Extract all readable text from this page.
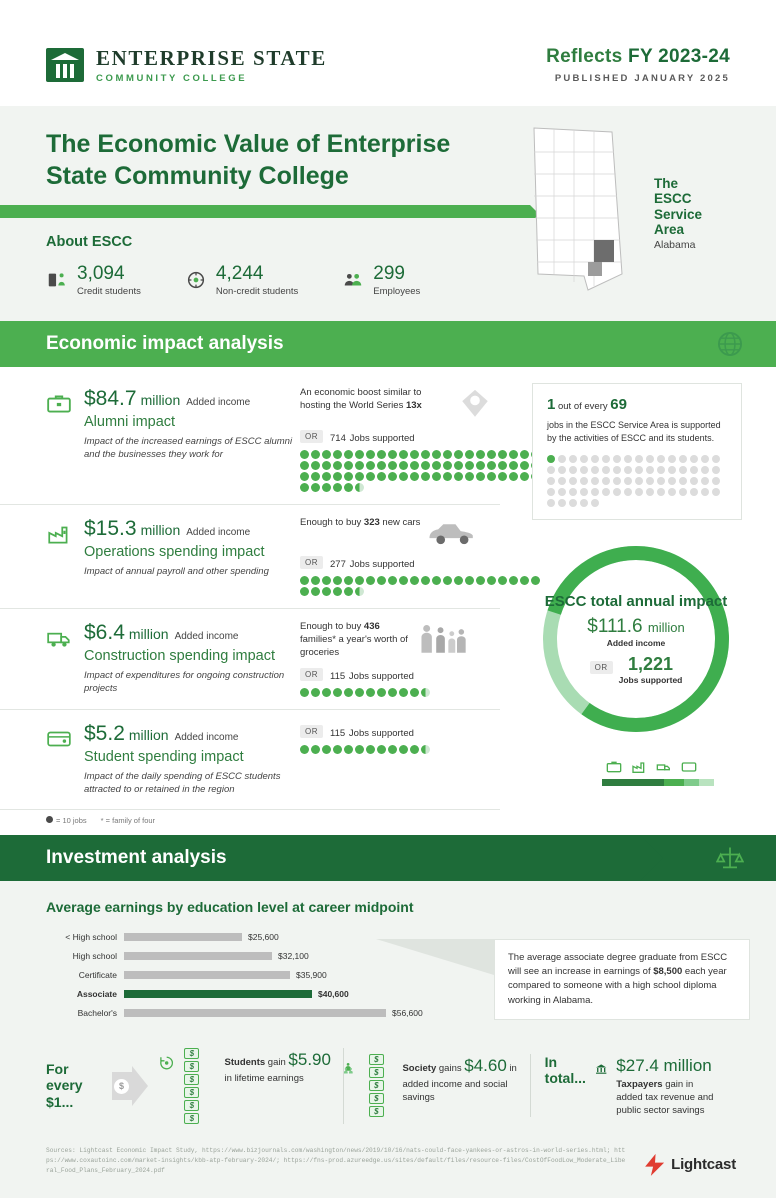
ENTERPRISE STATE
COMMUNITY COLLEGE
Reflects FY 2023-24
PUBLISHED JANUARY 2025
The Economic Value of Enterprise State Community College
About ESCC
3,094
Credit students
4,244
Non-credit students
299
Employees
The ESCC Service Area
Alabama
Economic impact analysis
$84.7 million Added income
Alumni impact
Impact of the increased earnings of ESCC alumni and the businesses they work for
An economic boost similar to hosting the World Series 13x
OR	714 Jobs supported
$15.3 million Added income
Operations spending impact
Impact of annual payroll and other spending
Enough to buy 323 new cars
OR	277 Jobs supported
$6.4 million Added income
Construction spending impact
Impact of expenditures for ongoing construction projects
Enough to buy 436 families* a year's worth of groceries
OR	115 Jobs supported
$5.2 million Added income
Student spending impact
Impact of the daily spending of ESCC students attracted to or retained in the region
OR	115 Jobs supported
= 10 jobs * = family of four
1 out of every 69
jobs in the ESCC Service Area is supported by the activities of ESCC and its students.
ESCC total annual impact
$111.6 million
Added income
OR	1,221
Jobs supported
Investment analysis
Average earnings by education level at career midpoint
< High school	$25,600
High school	$32,100
Certificate	$35,900
Associate	$40,600
Bachelor's	$56,600
The average associate degree graduate from ESCC will see an increase in earnings of $8,500 each year compared to someone with a high school diploma working in Alabama.
For every $1...
$
$
$
$
$
$
$
Students gain $5.90 in lifetime earnings
$
$
$
$
$
Society gains $4.60 in added income and social savings
In total...
$27.4 million
Taxpayers gain in added tax revenue and public sector savings
Sources: Lightcast Economic Impact Study, https://www.bizjournals.com/washington/news/2019/10/16/nats-could-face-yankees-or-astros-in-world-series.html; https://www.coxautoinc.com/market-insights/kbb-atp-february-2024/; https://fns-prod.azureedge.us/sites/default/files/resource-files/CostOfFoodLow_Moderate_Liberal_Food_Plans_February_2024.pdf	Lightcast
